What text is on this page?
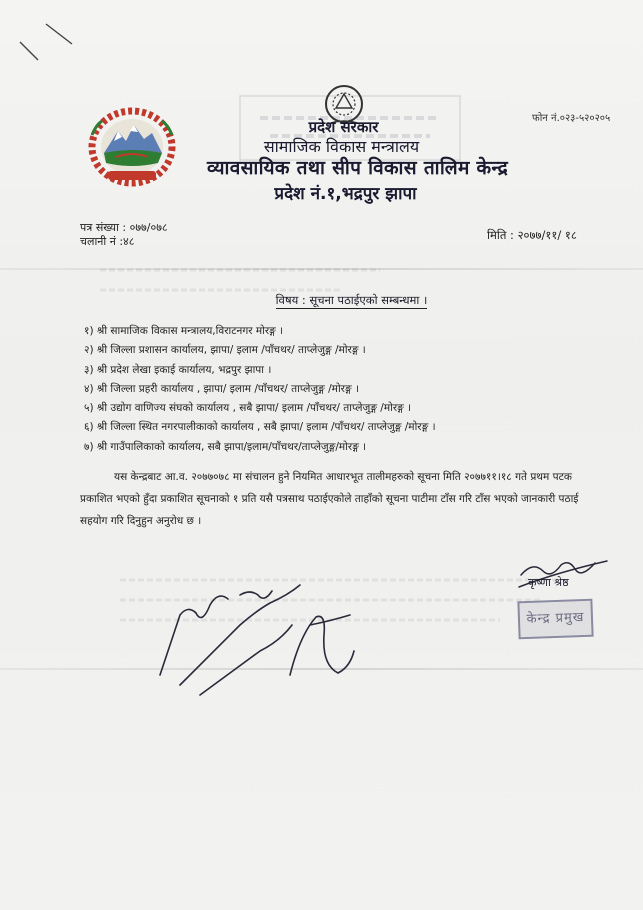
फोन नं.०२३-५२०२०५
प्रदेश सरकार
सामाजिक विकास मन्त्रालय
व्यावसायिक तथा सीप विकास तालिम केन्द्र
प्रदेश नं.१,भद्रपुर झापा
पत्र संख्या : ०७७/०७८
चलानी नं :४८	मिति : २०७७/११/ १८
विषय : सूचना पठाईएको सम्बन्धमा ।
१) श्री सामाजिक विकास मन्त्रालय,विराटनगर मोरङ्ग ।
२) श्री जिल्ला प्रशासन कार्यालय, झापा/ इलाम /पाँचथर/ ताप्लेजुङ्ग /मोरङ्ग ।
३) श्री प्रदेश लेखा इकाई कार्यालय, भद्रपुर झापा ।
४) श्री जिल्ला प्रहरी कार्यालय , झापा/ इलाम /पाँचथर/ ताप्लेजुङ्ग /मोरङ्ग ।
५) श्री उद्योग वाणिज्य संघको कार्यालय , सबै झापा/ इलाम /पाँचथर/ ताप्लेजुङ्ग /मोरङ्ग ।
६) श्री जिल्ला स्थित नगरपालीकाको कार्यालय , सबै झापा/ इलाम /पाँचथर/ ताप्लेजुङ्ग /मोरङ्ग ।
७) श्री गाउँपालिकाको कार्यालय, सबै झापा/इलाम/पाँचथर/ताप्लेजुङ्ग/मोरङ्ग ।
यस केन्द्रबाट आ.व. २०७७०७८ मा संचालन हुने नियमित आधारभूत तालीमहरुको सूचना मिति २०७७११।१८ गते प्रथम पटक प्रकाशित भएको हुँदा प्रकाशित सूचनाको १ प्रति यसै पत्रसाथ पठाईएकोले ताहाँको सूचना पाटीमा टाँस गरि टाँस भएको जानकारी पठाई सहयोग गरि दिनुहुन अनुरोध छ ।
कृष्णा श्रेष्ठ
केन्द्र प्रमुख
